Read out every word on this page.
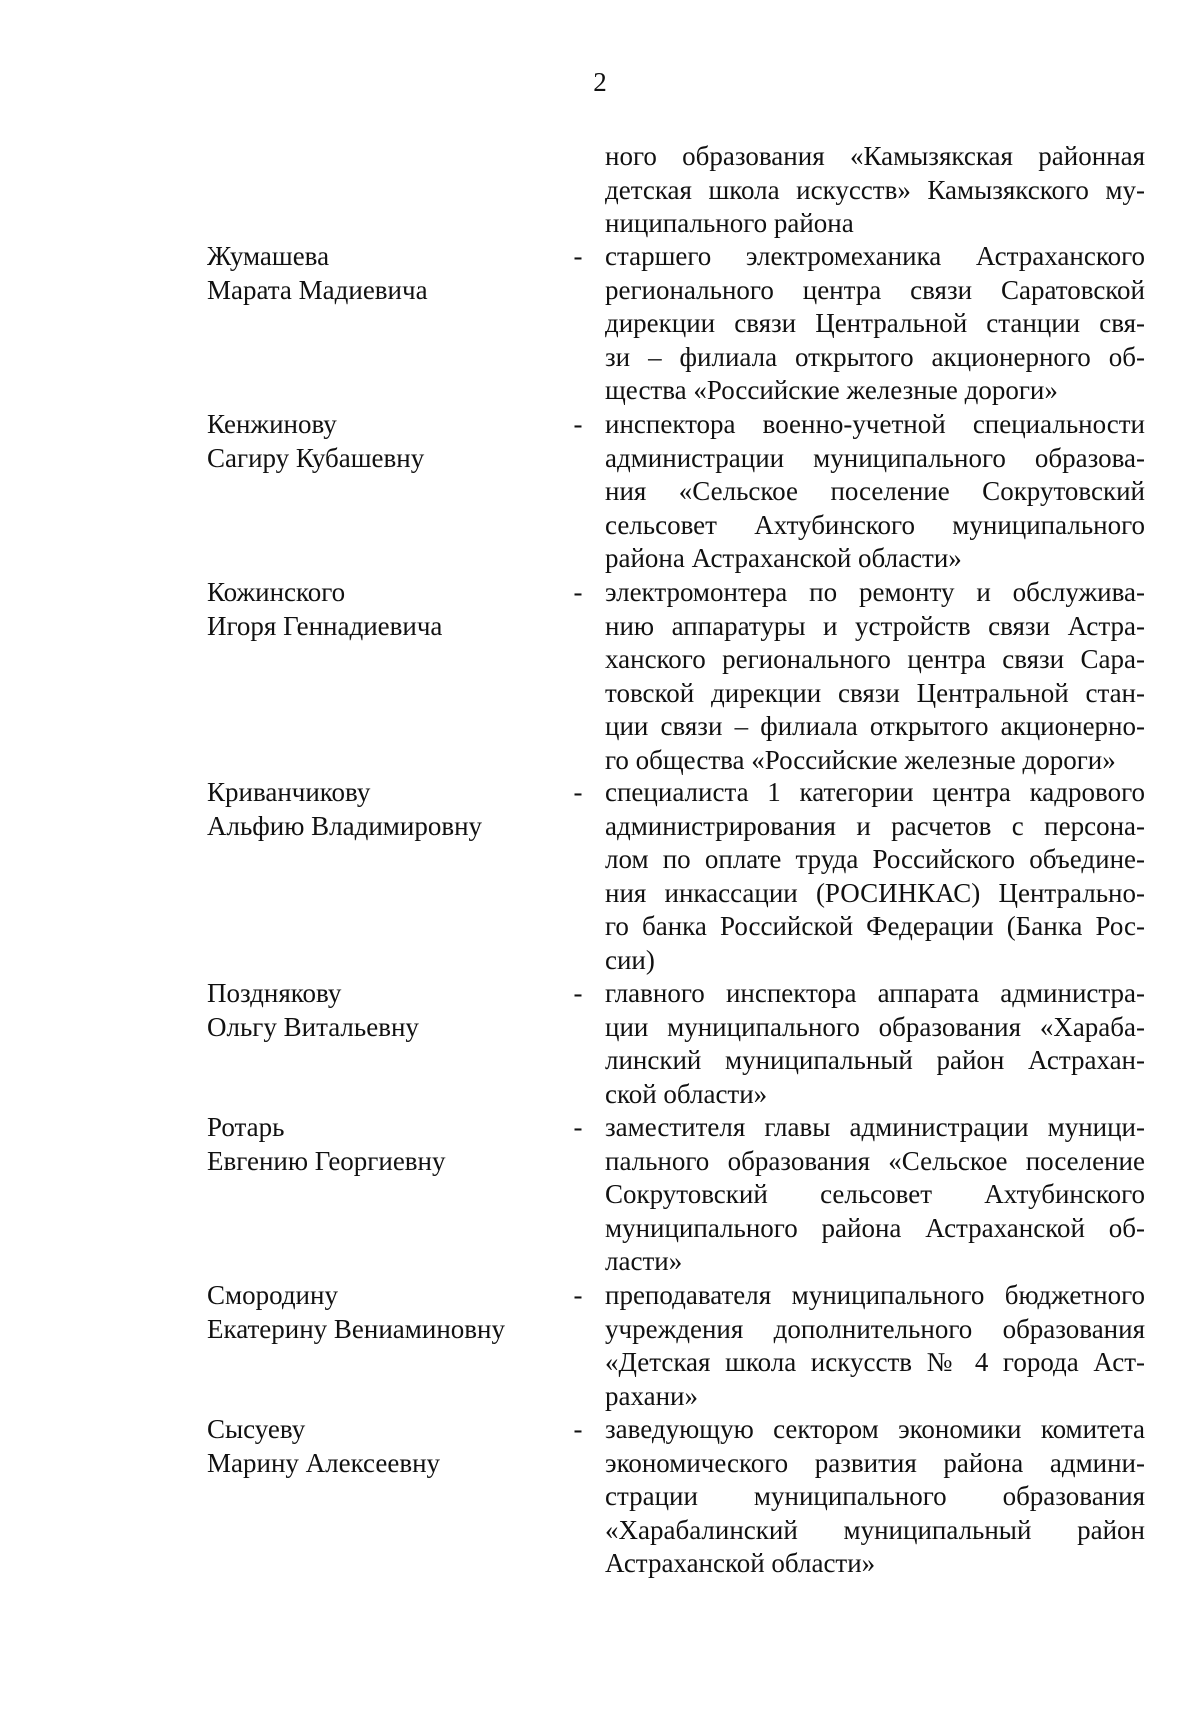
2
ного образования «Камызякская районная
детская школа искусств» Камызякского му-
ниципального района
Жумашева
Марата Мадиевича
- старшего электромеханика Астраханского
регионального центра связи Саратовской
дирекции связи Центральной станции свя-
зи – филиала открытого акционерного об-
щества «Российские железные дороги»
Кенжинову
Сагиру Кубашевну
- инспектора военно-учетной специальности
администрации муниципального образова-
ния «Сельское поселение Сокрутовский
сельсовет Ахтубинского муниципального
района Астраханской области»
Кожинского
Игоря Геннадиевича
- электромонтера по ремонту и обслужива-
нию аппаратуры и устройств связи Астра-
ханского регионального центра связи Сара-
товской дирекции связи Центральной стан-
ции связи – филиала открытого акционерно-
го общества «Российские железные дороги»
Криванчикову
Альфию Владимировну
- специалиста 1 категории центра кадрового
администрирования и расчетов с персона-
лом по оплате труда Российского объедине-
ния инкассации (РОСИНКАС) Центрально-
го банка Российской Федерации (Банка Рос-
сии)
Позднякову
Ольгу Витальевну
- главного инспектора аппарата администра-
ции муниципального образования «Хараба-
линский муниципальный район Астрахан-
ской области»
Ротарь
Евгению Георгиевну
- заместителя главы администрации муници-
пального образования «Сельское поселение
Сокрутовский сельсовет Ахтубинского
муниципального района Астраханской об-
ласти»
Смородину
Екатерину Вениаминовну
- преподавателя муниципального бюджетного
учреждения дополнительного образования
«Детская школа искусств № 4 города Аст-
рахани»
Сысуеву
Марину Алексеевну
- заведующую сектором экономики комитета
экономического развития района админи-
страции муниципального образования
«Харабалинский муниципальный район
Астраханской области»
